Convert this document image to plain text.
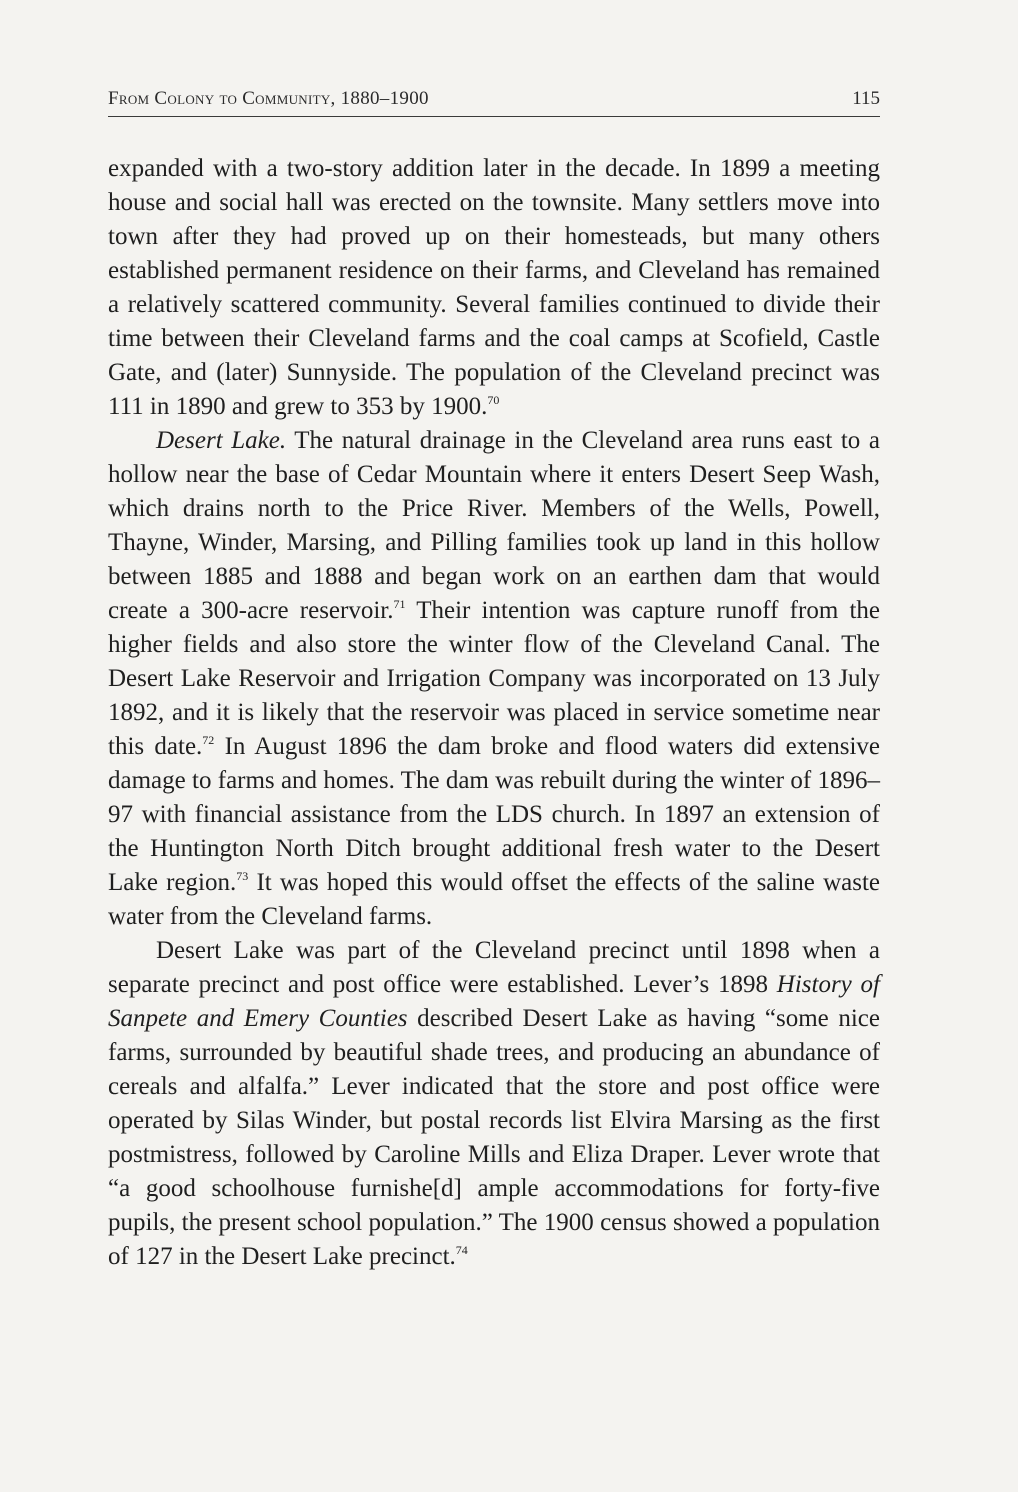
From Colony to Community, 1880–1900	115

expanded with a two-story addition later in the decade. In 1899 a meeting house and social hall was erected on the townsite. Many settlers move into town after they had proved up on their homesteads, but many others established permanent residence on their farms, and Cleveland has remained a relatively scattered community. Several families continued to divide their time between their Cleveland farms and the coal camps at Scofield, Castle Gate, and (later) Sunnyside. The population of the Cleveland precinct was 111 in 1890 and grew to 353 by 1900.70

Desert Lake. The natural drainage in the Cleveland area runs east to a hollow near the base of Cedar Mountain where it enters Desert Seep Wash, which drains north to the Price River. Members of the Wells, Powell, Thayne, Winder, Marsing, and Pilling families took up land in this hollow between 1885 and 1888 and began work on an earthen dam that would create a 300-acre reservoir.$^{71}$ Their intention was capture runoff from the higher fields and also store the winter flow of the Cleveland Canal. The Desert Lake Reservoir and Irrigation Company was incorporated on 13 July 1892, and it is likely that the reservoir was placed in service sometime near this date.$^{72}$ In August 1896 the dam broke and flood waters did extensive damage to farms and homes. The dam was rebuilt during the winter of 1896–97 with financial assistance from the LDS church. In 1897 an extension of the Huntington North Ditch brought additional fresh water to the Desert Lake region.$^{73}$ It was hoped this would offset the effects of the saline waste water from the Cleveland farms.

Desert Lake was part of the Cleveland precinct until 1898 when a separate precinct and post office were established. Lever’s 1898 History of Sanpete and Emery Counties described Desert Lake as having “some nice farms, surrounded by beautiful shade trees, and producing an abundance of cereals and alfalfa.” Lever indicated that the store and post office were operated by Silas Winder, but postal records list Elvira Marsing as the first postmistress, followed by Caroline Mills and Eliza Draper. Lever wrote that “a good schoolhouse furnishe[d] ample accommodations for forty-five pupils, the present school population.” The 1900 census showed a population of 127 in the Desert Lake precinct.$^{74}$
